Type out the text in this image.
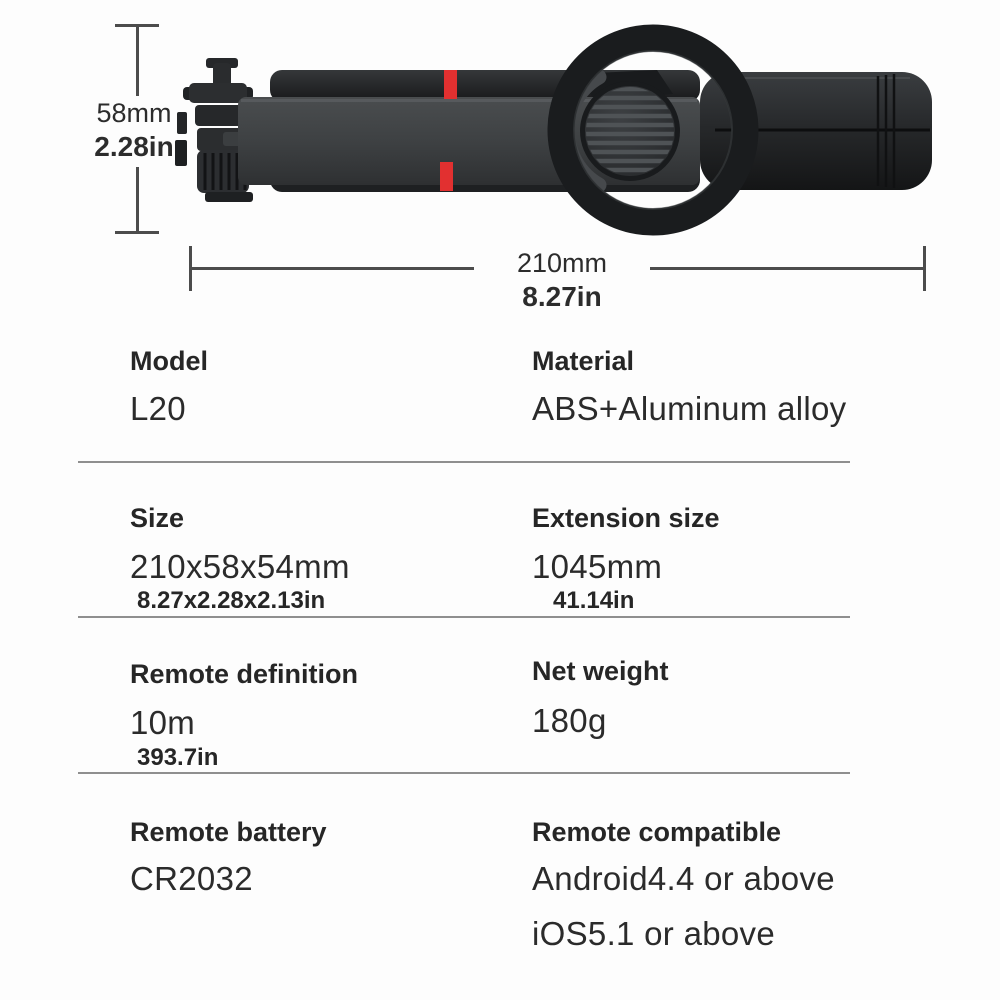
58mm
2.28in
210mm
8.27in
Model
L20
Material
ABS+Aluminum alloy
Size
210x58x54mm
8.27x2.28x2.13in
Extension size
1045mm
41.14in
Remote definition
10m
393.7in
Net weight
180g
Remote battery
CR2032
Remote compatible
Android4.4 or above
iOS5.1 or above
